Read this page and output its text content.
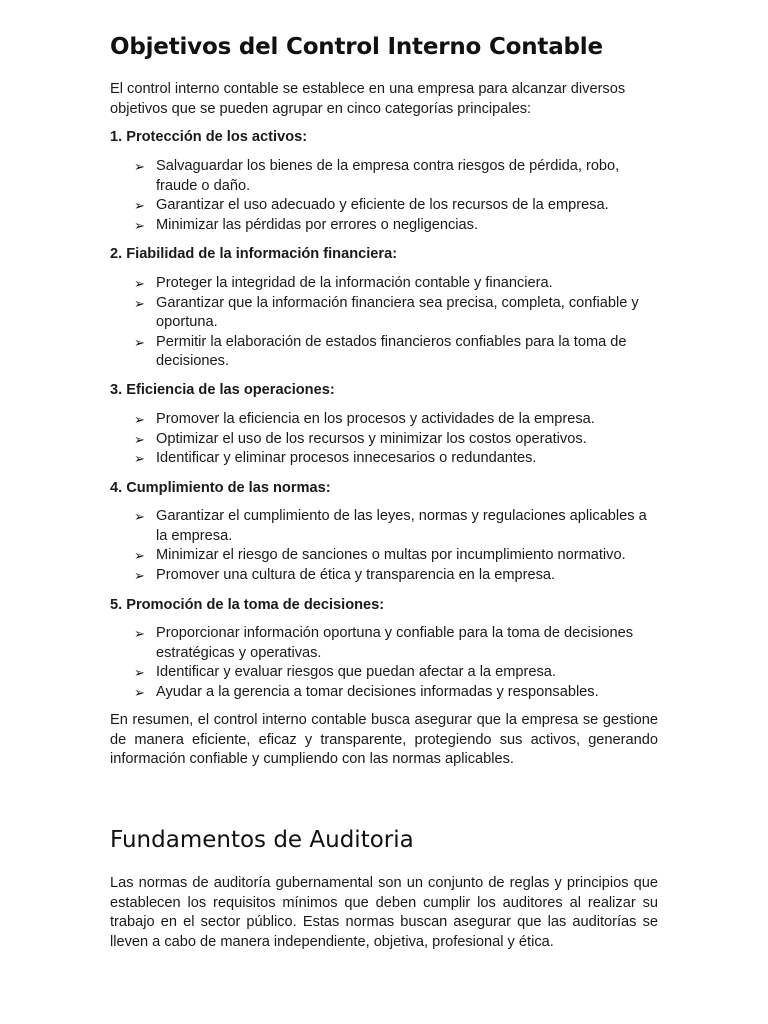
Objetivos del Control Interno Contable
El control interno contable se establece en una empresa para alcanzar diversos objetivos que se pueden agrupar en cinco categorías principales:
1. Protección de los activos:
➢ Salvaguardar los bienes de la empresa contra riesgos de pérdida, robo, fraude o daño.
➢ Garantizar el uso adecuado y eficiente de los recursos de la empresa.
➢ Minimizar las pérdidas por errores o negligencias.
2. Fiabilidad de la información financiera:
➢ Proteger la integridad de la información contable y financiera.
➢ Garantizar que la información financiera sea precisa, completa, confiable y oportuna.
➢ Permitir la elaboración de estados financieros confiables para la toma de decisiones.
3. Eficiencia de las operaciones:
➢ Promover la eficiencia en los procesos y actividades de la empresa.
➢ Optimizar el uso de los recursos y minimizar los costos operativos.
➢ Identificar y eliminar procesos innecesarios o redundantes.
4. Cumplimiento de las normas:
➢ Garantizar el cumplimiento de las leyes, normas y regulaciones aplicables a la empresa.
➢ Minimizar el riesgo de sanciones o multas por incumplimiento normativo.
➢ Promover una cultura de ética y transparencia en la empresa.
5. Promoción de la toma de decisiones:
➢ Proporcionar información oportuna y confiable para la toma de decisiones estratégicas y operativas.
➢ Identificar y evaluar riesgos que puedan afectar a la empresa.
➢ Ayudar a la gerencia a tomar decisiones informadas y responsables.
En resumen, el control interno contable busca asegurar que la empresa se gestione de manera eficiente, eficaz y transparente, protegiendo sus activos, generando información confiable y cumpliendo con las normas aplicables.
Fundamentos de Auditoria
Las normas de auditoría gubernamental son un conjunto de reglas y principios que establecen los requisitos mínimos que deben cumplir los auditores al realizar su trabajo en el sector público. Estas normas buscan asegurar que las auditorías se lleven a cabo de manera independiente, objetiva, profesional y ética.
